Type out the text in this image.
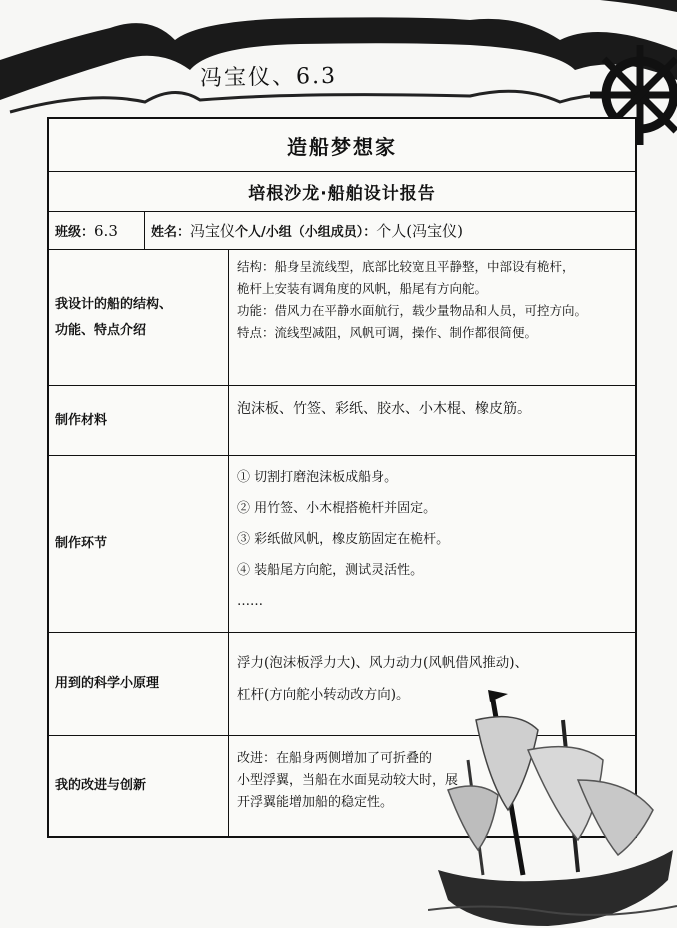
冯宝仪、6.3
造船梦想家
培根沙龙·船舶设计报告
班级： 6.3	姓名： 冯宝仪 个人/小组（小组成员）： 个人(冯宝仪)
我设计的船的结构、
功能、特点介绍
结构：船身呈流线型，底部比较宽且平静整，中部设有桅杆，
桅杆上安装有调角度的风帆，船尾有方向舵。
功能：借风力在平静水面航行，载少量物品和人员，可控方向。
特点：流线型减阻，风帆可调，操作、制作都很简便。
制作材料
泡沫板、竹签、彩纸、胶水、小木棍、橡皮筋。
制作环节
① 切割打磨泡沫板成船身。
② 用竹签、小木棍搭桅杆并固定。
③ 彩纸做风帆，橡皮筋固定在桅杆。
④ 装船尾方向舵，测试灵活性。
……
用到的科学小原理
浮力(泡沫板浮力大)、风力动力(风帆借风推动)、
杠杆(方向舵小转动改方向)。
我的改进与创新
改进：在船身两侧增加了可折叠的
小型浮翼，当船在水面晃动较大时，展
开浮翼能增加船的稳定性。
